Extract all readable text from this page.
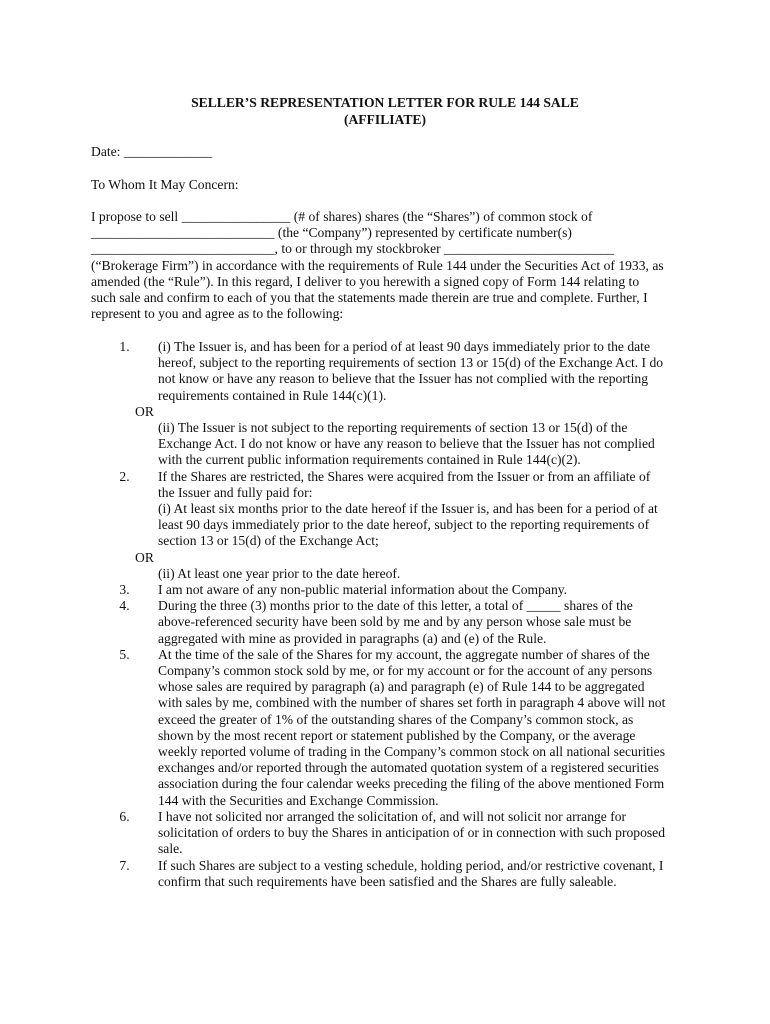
SELLER’S REPRESENTATION LETTER FOR RULE 144 SALE
(AFFILIATE)
Date: _____________
To Whom It May Concern:

I propose to sell ________________ (# of shares) shares (the “Shares”) of common stock of
___________________________ (the “Company”) represented by certificate number(s)
___________________________, to or through my stockbroker _________________________
(“Brokerage Firm”) in accordance with the requirements of Rule 144 under the Securities Act of 1933, as
amended (the “Rule”). In this regard, I deliver to you herewith a signed copy of Form 144 relating to
such sale and confirm to each of you that the statements made therein are true and complete. Further, I
represent to you and agree as to the following:

1.	(i) The Issuer is, and has been for a period of at least 90 days immediately prior to the date
hereof, subject to the reporting requirements of section 13 or 15(d) of the Exchange Act. I do
not know or have any reason to believe that the Issuer has not complied with the reporting
requirements contained in Rule 144(c)(1).
OR
(ii) The Issuer is not subject to the reporting requirements of section 13 or 15(d) of the
Exchange Act. I do not know or have any reason to believe that the Issuer has not complied
with the current public information requirements contained in Rule 144(c)(2).
2.	If the Shares are restricted, the Shares were acquired from the Issuer or from an affiliate of
the Issuer and fully paid for:
(i) At least six months prior to the date hereof if the Issuer is, and has been for a period of at
least 90 days immediately prior to the date hereof, subject to the reporting requirements of
section 13 or 15(d) of the Exchange Act;
OR
(ii) At least one year prior to the date hereof.
3.	I am not aware of any non-public material information about the Company.
4.	During the three (3) months prior to the date of this letter, a total of _____ shares of the
above-referenced security have been sold by me and by any person whose sale must be
aggregated with mine as provided in paragraphs (a) and (e) of the Rule.
5.	At the time of the sale of the Shares for my account, the aggregate number of shares of the
Company’s common stock sold by me, or for my account or for the account of any persons
whose sales are required by paragraph (a) and paragraph (e) of Rule 144 to be aggregated
with sales by me, combined with the number of shares set forth in paragraph 4 above will not
exceed the greater of 1% of the outstanding shares of the Company’s common stock, as
shown by the most recent report or statement published by the Company, or the average
weekly reported volume of trading in the Company’s common stock on all national securities
exchanges and/or reported through the automated quotation system of a registered securities
association during the four calendar weeks preceding the filing of the above mentioned Form
144 with the Securities and Exchange Commission.
6.	I have not solicited nor arranged the solicitation of, and will not solicit nor arrange for
solicitation of orders to buy the Shares in anticipation of or in connection with such proposed
sale.
7.	If such Shares are subject to a vesting schedule, holding period, and/or restrictive covenant, I
confirm that such requirements have been satisfied and the Shares are fully saleable.
